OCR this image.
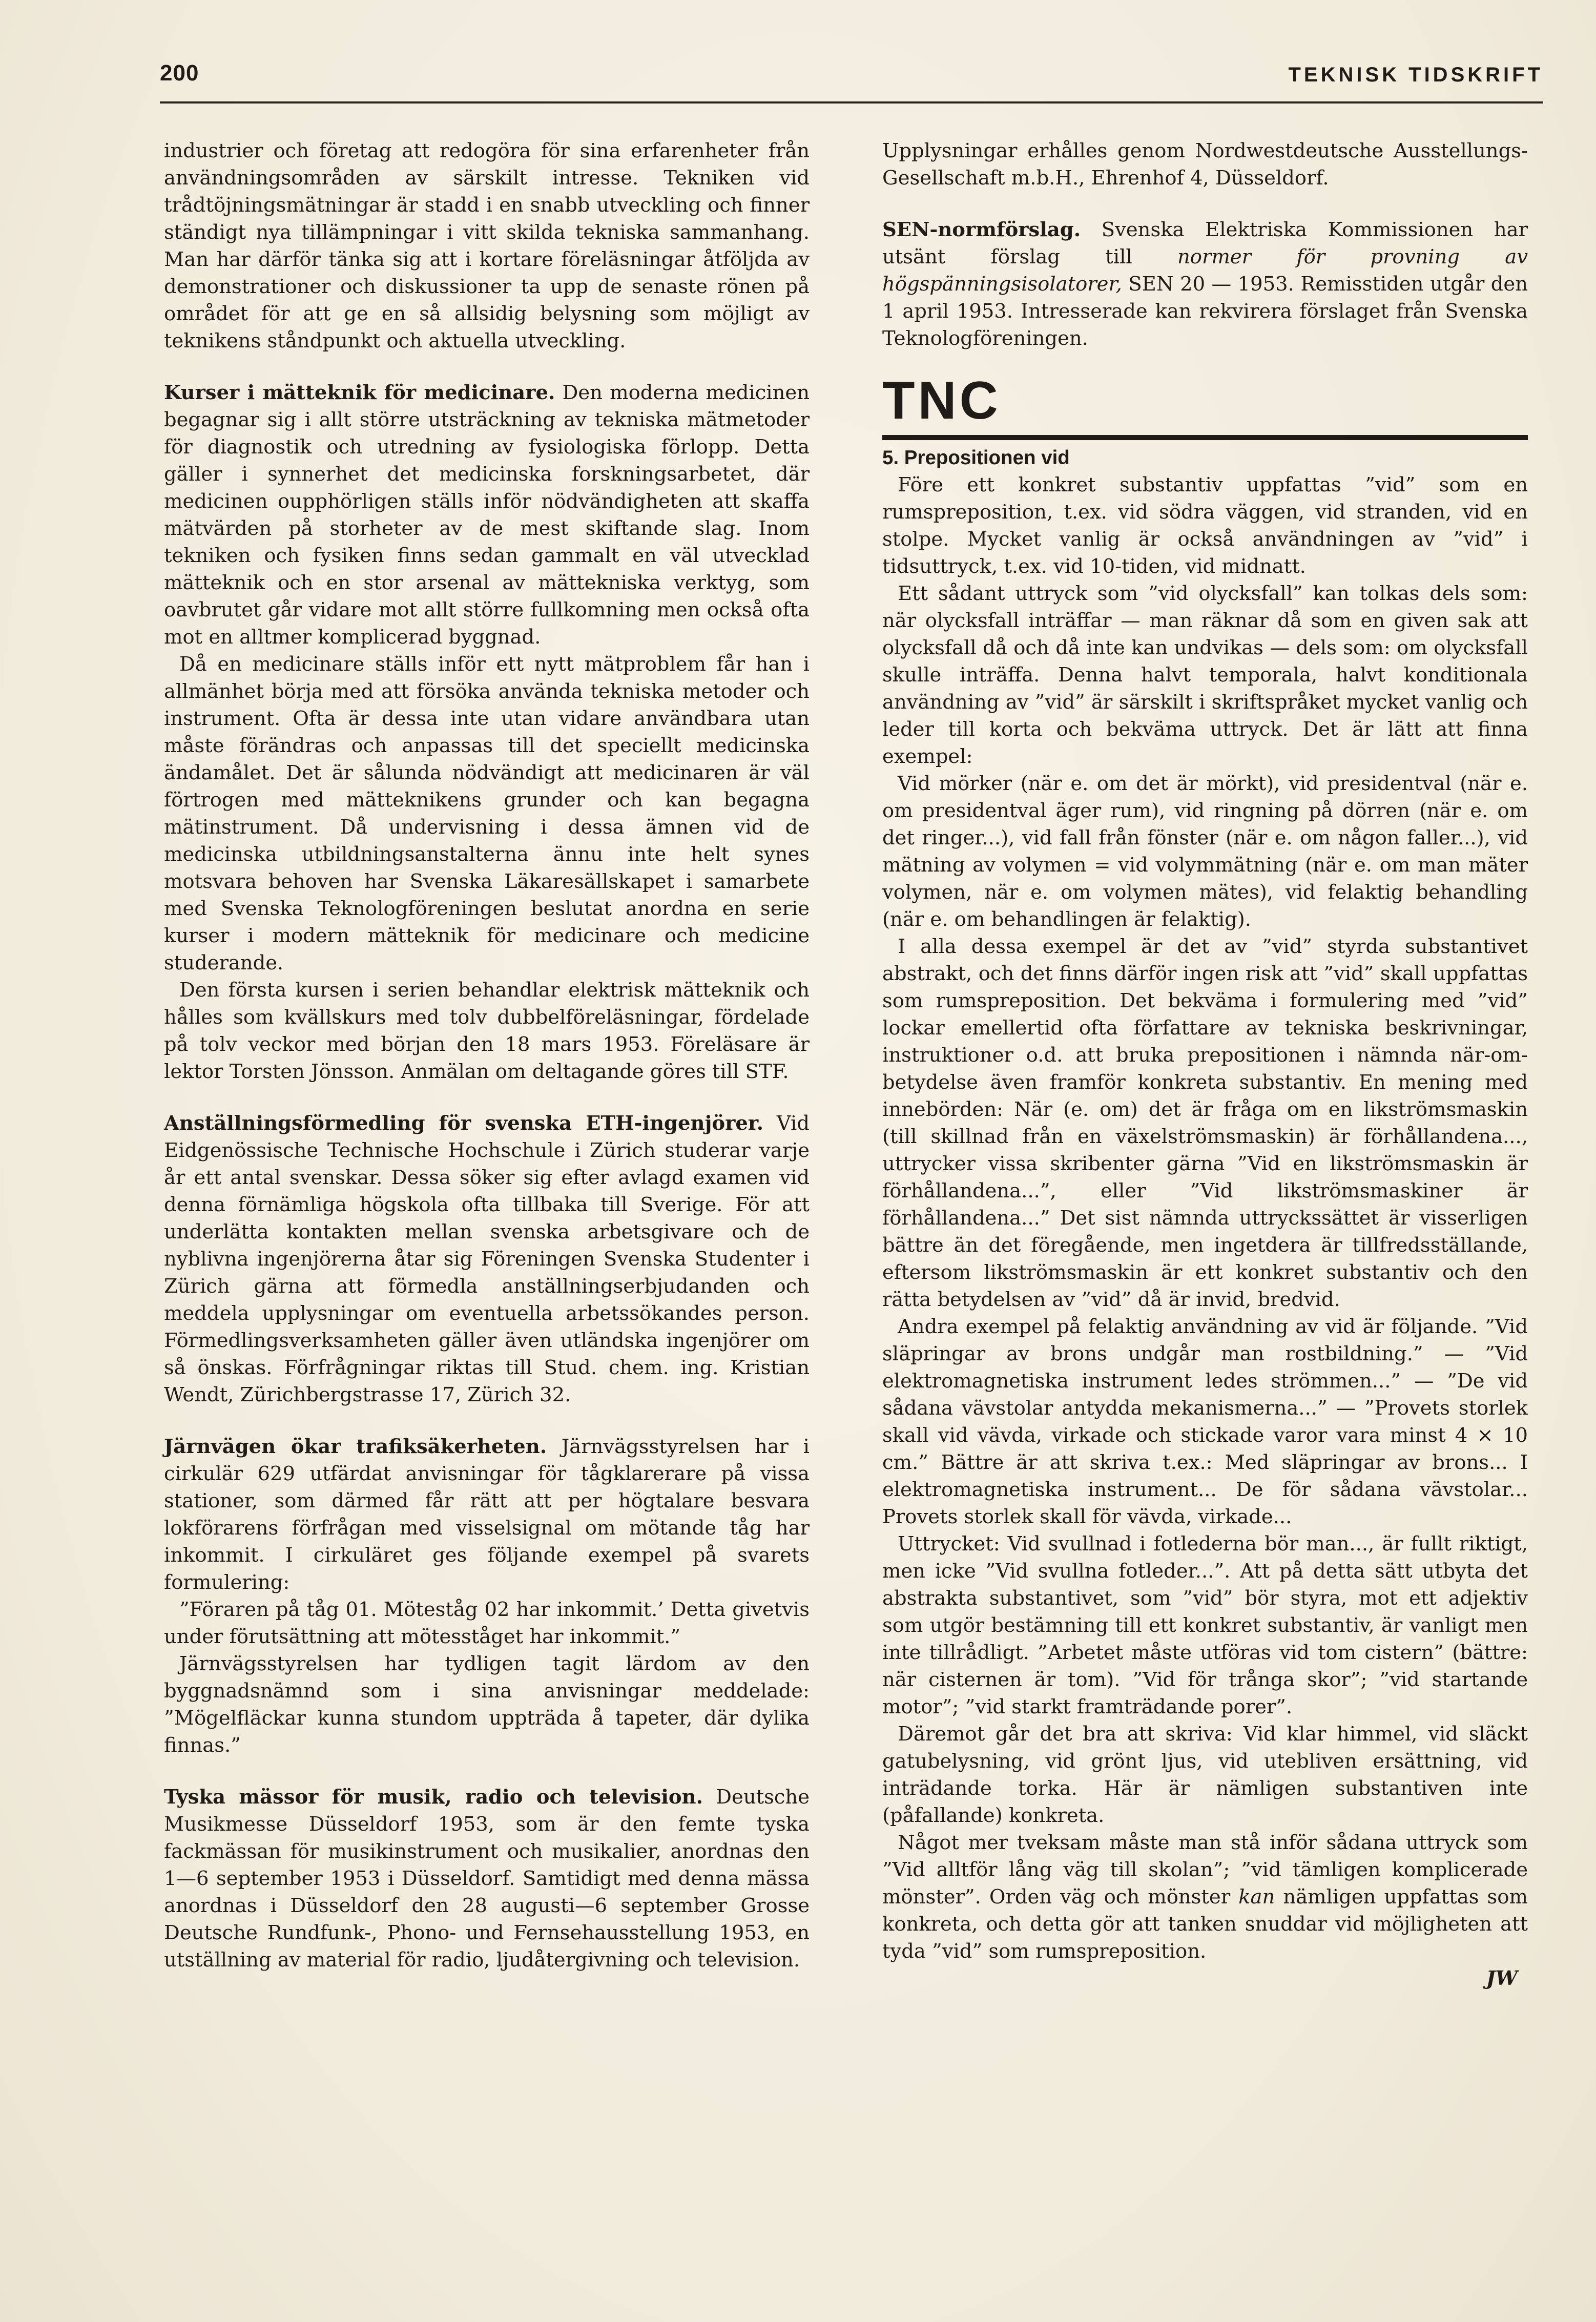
200	TEKNISK TIDSKRIFT

industrier och företag att redogöra för sina erfarenheter från användningsområden av särskilt intresse. Tekniken vid trådtöjningsmätningar är stadd i en snabb utveckling och finner ständigt nya tillämpningar i vitt skilda tekniska sammanhang. Man har därför tänka sig att i kortare föreläsningar åtföljda av demonstrationer och diskussioner ta upp de senaste rönen på området för att ge en så allsidig belysning som möjligt av teknikens ståndpunkt och aktuella utveckling.

Kurser i mätteknik för medicinare. Den moderna medicinen begagnar sig i allt större utsträckning av tekniska mätmetoder för diagnostik och utredning av fysiologiska förlopp. Detta gäller i synnerhet det medicinska forskningsarbetet, där medicinen oupphörligen ställs inför nödvändigheten att skaffa mätvärden på storheter av de mest skiftande slag. Inom tekniken och fysiken finns sedan gammalt en väl utvecklad mätteknik och en stor arsenal av mättekniska verktyg, som oavbrutet går vidare mot allt större fullkomning men också ofta mot en alltmer komplicerad byggnad.

Då en medicinare ställs inför ett nytt mätproblem får han i allmänhet börja med att försöka använda tekniska metoder och instrument. Ofta är dessa inte utan vidare användbara utan måste förändras och anpassas till det speciellt medicinska ändamålet. Det är sålunda nödvändigt att medicinaren är väl förtrogen med mätteknikens grunder och kan begagna mätinstrument. Då undervisning i dessa ämnen vid de medicinska utbildningsanstalterna ännu inte helt synes motsvara behoven har Svenska Läkaresällskapet i samarbete med Svenska Teknologföreningen beslutat anordna en serie kurser i modern mätteknik för medicinare och medicine studerande.

Den första kursen i serien behandlar elektrisk mätteknik och hålles som kvällskurs med tolv dubbelföreläsningar, fördelade på tolv veckor med början den 18 mars 1953. Föreläsare är lektor Torsten Jönsson. Anmälan om deltagande göres till STF.

Anställningsförmedling för svenska ETH-ingenjörer. Vid Eidgenössische Technische Hochschule i Zürich studerar varje år ett antal svenskar. Dessa söker sig efter avlagd examen vid denna förnämliga högskola ofta tillbaka till Sverige. För att underlätta kontakten mellan svenska arbetsgivare och de nyblivna ingenjörerna åtar sig Föreningen Svenska Studenter i Zürich gärna att förmedla anställningserbjudanden och meddela upplysningar om eventuella arbetssökandes person. Förmedlingsverksamheten gäller även utländska ingenjörer om så önskas. Förfrågningar riktas till Stud. chem. ing. Kristian Wendt, Zürichbergstrasse 17, Zürich 32.

Järnvägen ökar trafiksäkerheten. Järnvägsstyrelsen har i cirkulär 629 utfärdat anvisningar för tågklarerare på vissa stationer, som därmed får rätt att per högtalare besvara lokförarens förfrågan med visselsignal om mötande tåg har inkommit. I cirkuläret ges följande exempel på svarets formulering:

”Föraren på tåg 01. Möteståg 02 har inkommit.’ Detta givetvis under förutsättning att mötesståget har inkommit.”

Järnvägsstyrelsen har tydligen tagit lärdom av den byggnadsnämnd som i sina anvisningar meddelade: ”Mögelfläckar kunna stundom uppträda å tapeter, där dylika finnas.”

Tyska mässor för musik, radio och television. Deutsche Musikmesse Düsseldorf 1953, som är den femte tyska fackmässan för musikinstrument och musikalier, anordnas den 1—6 september 1953 i Düsseldorf. Samtidigt med denna mässa anordnas i Düsseldorf den 28 augusti—6 september Grosse Deutsche Rundfunk-, Phono- und Fernsehausstellung 1953, en utställning av material för radio, ljudåtergivning och television.

Upplysningar erhålles genom Nordwestdeutsche Ausstellungs-Gesellschaft m.b.H., Ehrenhof 4, Düsseldorf.

SEN-normförslag. Svenska Elektriska Kommissionen har utsänt förslag till normer för provning av högspänningsisolatorer, SEN 20 — 1953. Remisstiden utgår den 1 april 1953. Intresserade kan rekvirera förslaget från Svenska Teknologföreningen.

TNC

5. Prepositionen vid

Före ett konkret substantiv uppfattas ”vid” som en rumspreposition, t.ex. vid södra väggen, vid stranden, vid en stolpe. Mycket vanlig är också användningen av ”vid” i tidsuttryck, t.ex. vid 10-tiden, vid midnatt.

Ett sådant uttryck som ”vid olycksfall” kan tolkas dels som: när olycksfall inträffar — man räknar då som en given sak att olycksfall då och då inte kan undvikas — dels som: om olycksfall skulle inträffa. Denna halvt temporala, halvt konditionala användning av ”vid” är särskilt i skriftspråket mycket vanlig och leder till korta och bekväma uttryck. Det är lätt att finna exempel:

Vid mörker (när e. om det är mörkt), vid presidentval (när e. om presidentval äger rum), vid ringning på dörren (när e. om det ringer...), vid fall från fönster (när e. om någon faller...), vid mätning av volymen = vid volymmätning (när e. om man mäter volymen, när e. om volymen mätes), vid felaktig behandling (när e. om behandlingen är felaktig).

I alla dessa exempel är det av ”vid” styrda substantivet abstrakt, och det finns därför ingen risk att ”vid” skall uppfattas som rumspreposition. Det bekväma i formulering med ”vid” lockar emellertid ofta författare av tekniska beskrivningar, instruktioner o.d. att bruka prepositionen i nämnda när-om-betydelse även framför konkreta substantiv. En mening med innebörden: När (e. om) det är fråga om en likströmsmaskin (till skillnad från en växelströmsmaskin) är förhållandena..., uttrycker vissa skribenter gärna ”Vid en likströmsmaskin är förhållandena...”, eller ”Vid likströmsmaskiner är förhållandena...” Det sist nämnda uttryckssättet är visserligen bättre än det föregående, men ingetdera är tillfredsställande, eftersom likströmsmaskin är ett konkret substantiv och den rätta betydelsen av ”vid” då är invid, bredvid.

Andra exempel på felaktig användning av vid är följande. ”Vid släpringar av brons undgår man rostbildning.” — ”Vid elektromagnetiska instrument ledes strömmen...” — ”De vid sådana vävstolar antydda mekanismerna...” — ”Provets storlek skall vid vävda, virkade och stickade varor vara minst 4 × 10 cm.” Bättre är att skriva t.ex.: Med släpringar av brons... I elektromagnetiska instrument... De för sådana vävstolar... Provets storlek skall för vävda, virkade...

Uttrycket: Vid svullnad i fotlederna bör man..., är fullt riktigt, men icke ”Vid svullna fotleder...”. Att på detta sätt utbyta det abstrakta substantivet, som ”vid” bör styra, mot ett adjektiv som utgör bestämning till ett konkret substantiv, är vanligt men inte tillrådligt. ”Arbetet måste utföras vid tom cistern” (bättre: när cisternen är tom). ”Vid för trånga skor”; ”vid startande motor”; ”vid starkt framträdande porer”.

Däremot går det bra att skriva: Vid klar himmel, vid släckt gatubelysning, vid grönt ljus, vid utebliven ersättning, vid inträdande torka. Här är nämligen substantiven inte (påfallande) konkreta.

Något mer tveksam måste man stå inför sådana uttryck som ”Vid alltför lång väg till skolan”; ”vid tämligen komplicerade mönster”. Orden väg och mönster kan nämligen uppfattas som konkreta, och detta gör att tanken snuddar vid möjligheten att tyda ”vid” som rumspreposition.

JW
